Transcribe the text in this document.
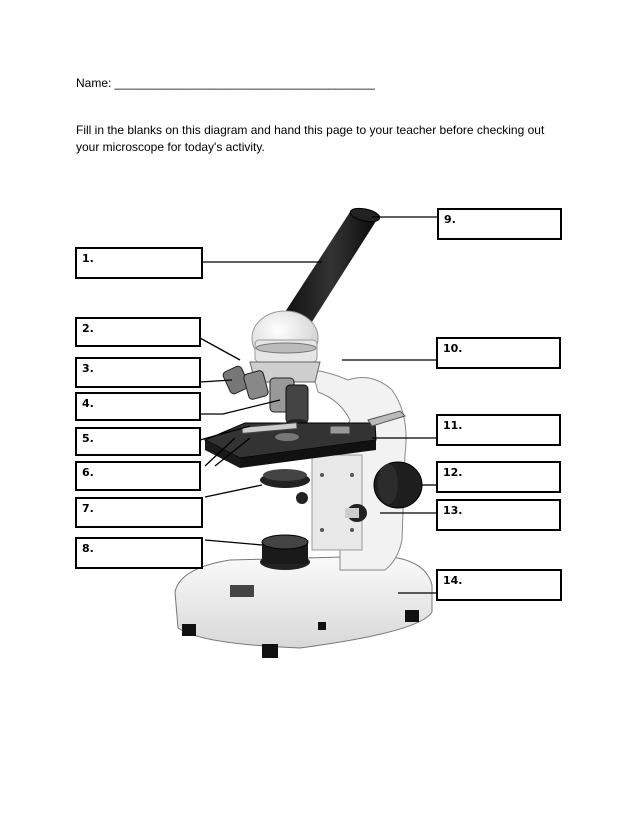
Name: _______________________________________
Fill in the blanks on this diagram and hand this page to your teacher before checking out your microscope for today's activity.
1.
2.
3.
4.
5.
6.
7.
8.
9.
10.
11.
12.
13.
14.
